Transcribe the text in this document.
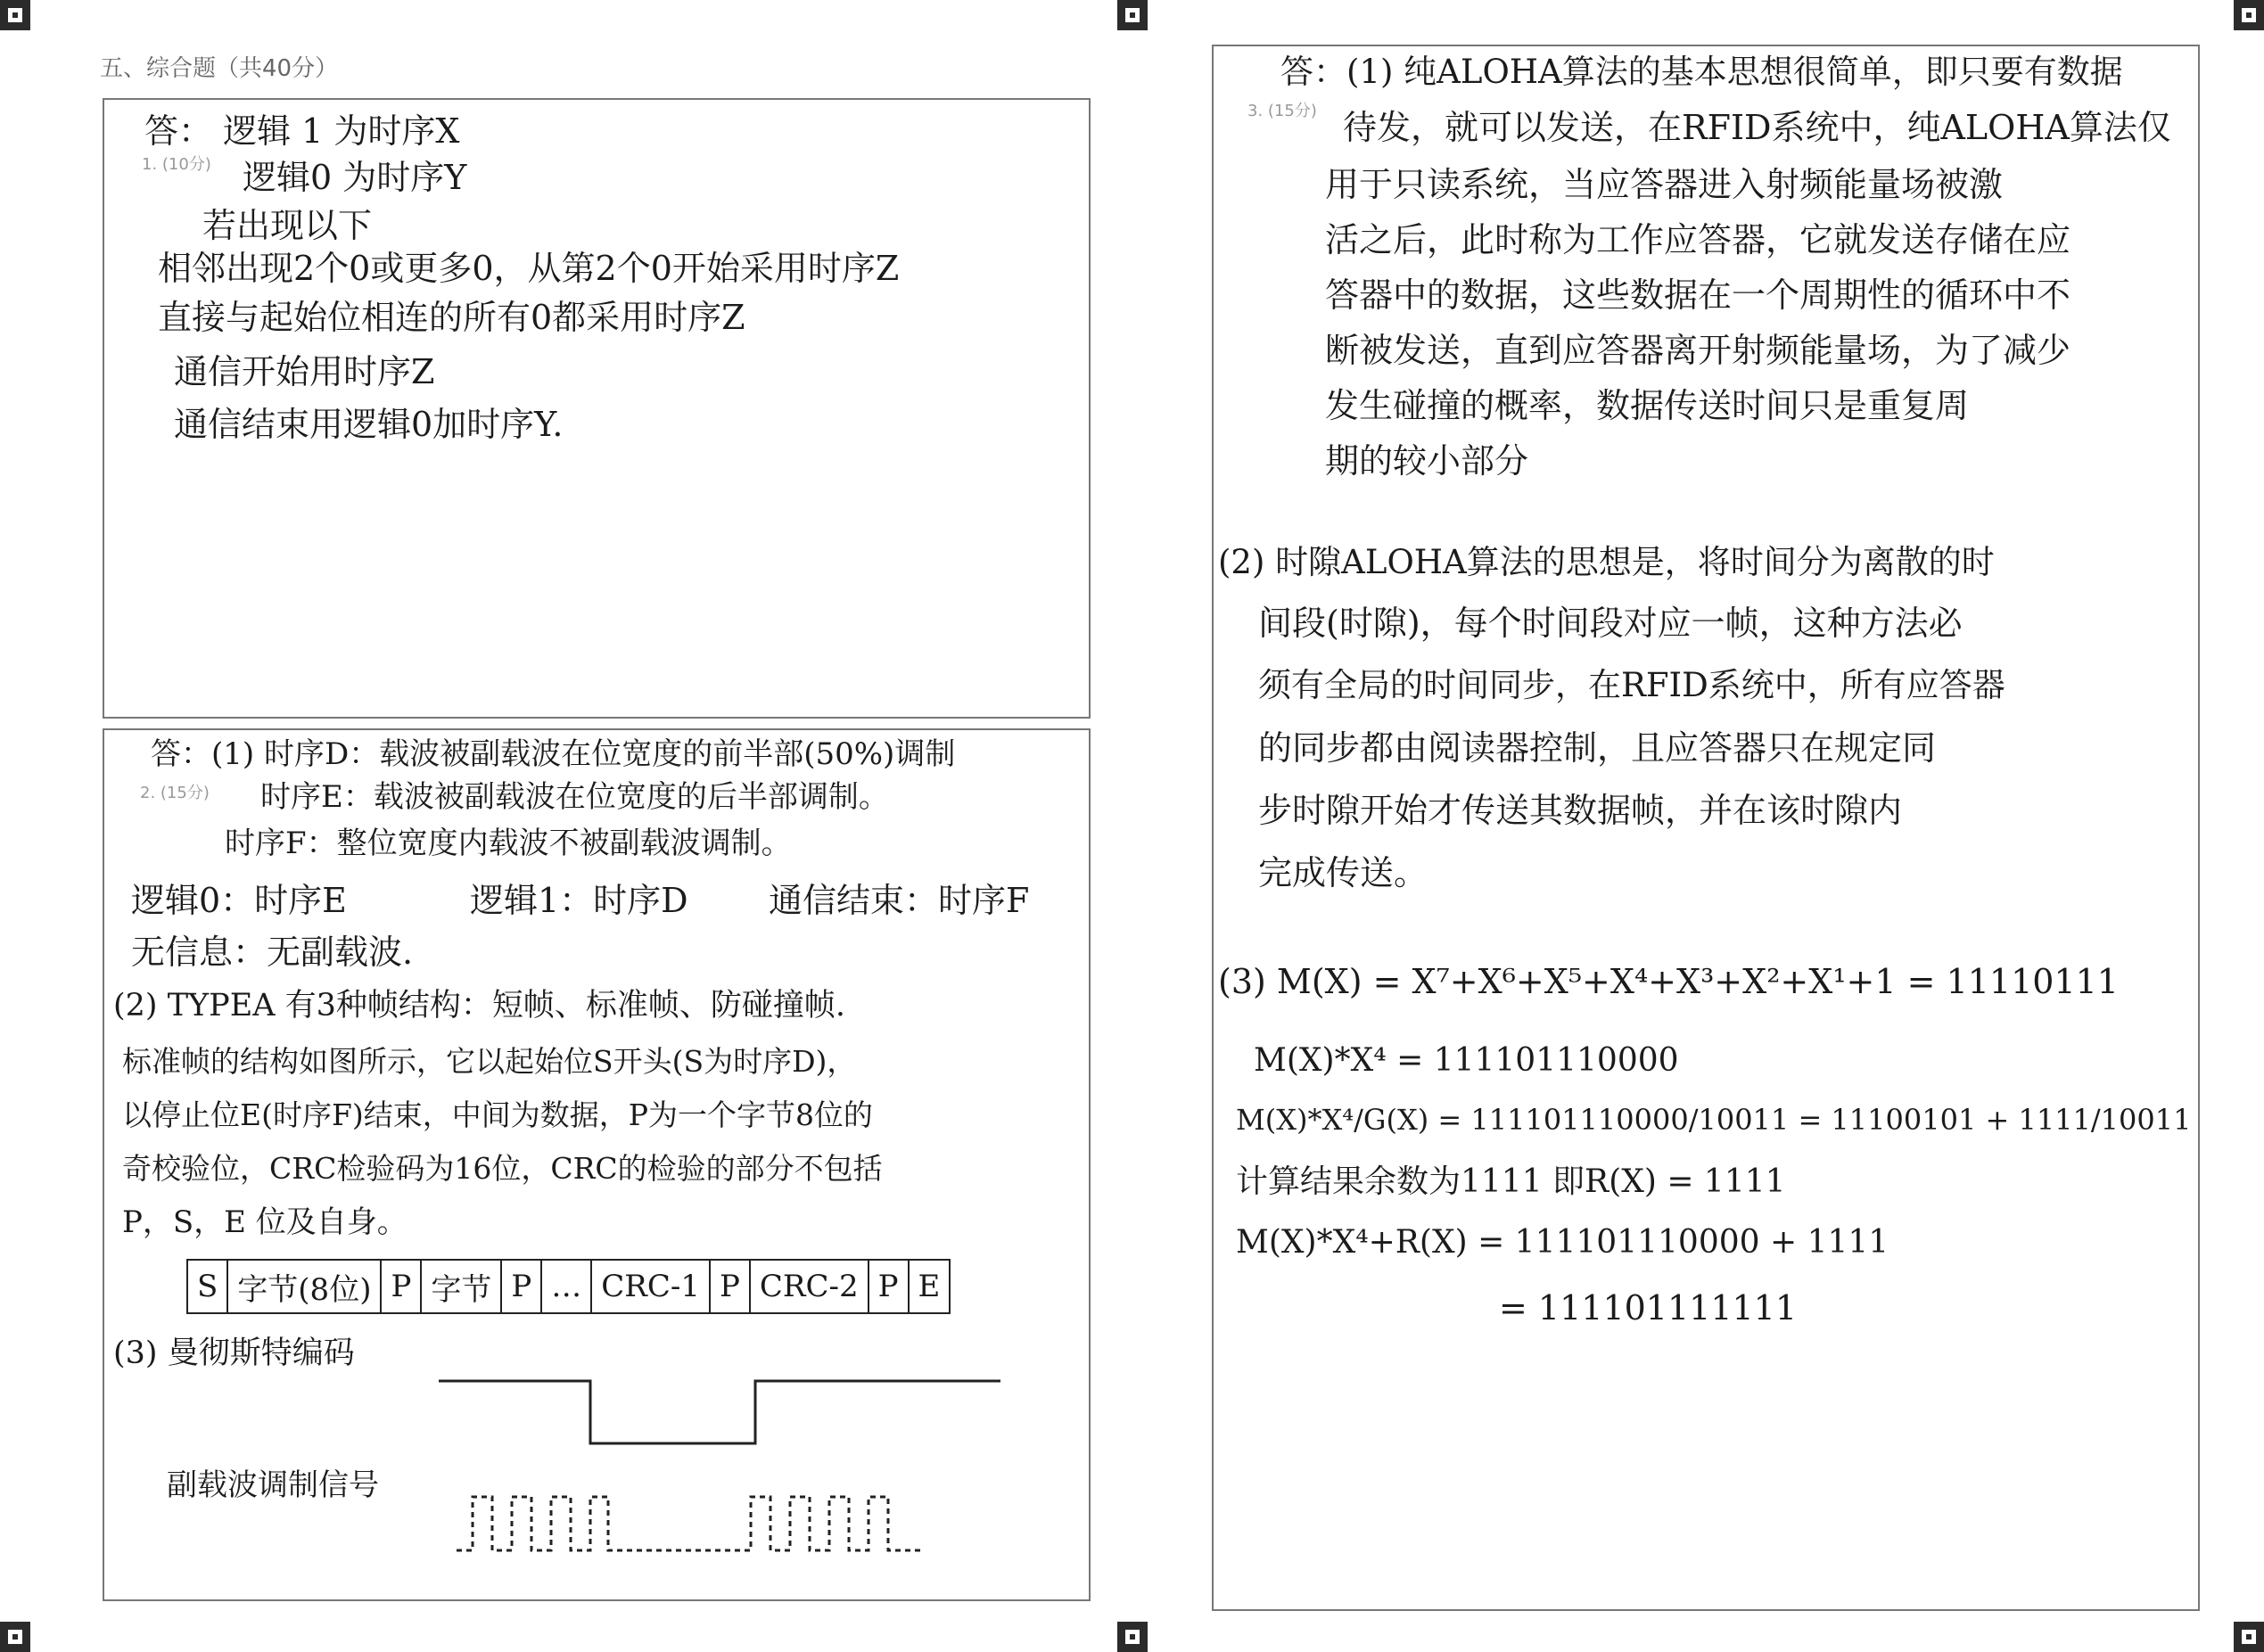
五、综合题（共40分）
1. (10分)
答： 逻辑 1 为时序X
逻辑0 为时序Y
若出现以下
相邻出现2个0或更多0，从第2个0开始采用时序Z
直接与起始位相连的所有0都采用时序Z
通信开始用时序Z
通信结束用逻辑0加时序Y.
2. (15分)
答：(1) 时序D：载波被副载波在位宽度的前半部(50%)调制
时序E：载波被副载波在位宽度的后半部调制。
时序F：整位宽度内载波不被副载波调制。
逻辑0：时序E	逻辑1：时序D 通信结束：时序F
无信息：无副载波.
(2) TYPEA 有3种帧结构：短帧、标准帧、防碰撞帧.
标准帧的结构如图所示，它以起始位S开头(S为时序D)，
以停止位E(时序F)结束，中间为数据，P为一个字节8位的
奇校验位，CRC检验码为16位，CRC的检验的部分不包括
P，S，E 位及自身。
S	字节(8位)	P	字节	P	…	CRC-1	P	CRC-2	P	E
(3) 曼彻斯特编码
副载波调制信号
3. (15分)
答：(1) 纯ALOHA算法的基本思想很简单，即只要有数据
待发，就可以发送，在RFID系统中，纯ALOHA算法仅
用于只读系统，当应答器进入射频能量场被激
活之后，此时称为工作应答器，它就发送存储在应
答器中的数据，这些数据在一个周期性的循环中不
断被发送，直到应答器离开射频能量场，为了减少
发生碰撞的概率，数据传送时间只是重复周
期的较小部分
(2) 时隙ALOHA算法的思想是，将时间分为离散的时
间段(时隙)，每个时间段对应一帧，这种方法必
须有全局的时间同步，在RFID系统中，所有应答器
的同步都由阅读器控制，且应答器只在规定同
步时隙开始才传送其数据帧，并在该时隙内
完成传送。
(3) M(X) = X⁷+X⁶+X⁵+X⁴+X³+X²+X¹+1 = 11110111
M(X)*X⁴ = 111101110000
M(X)*X⁴/G(X) = 111101110000/10011 = 11100101 + 1111/10011
计算结果余数为1111 即R(X) = 1111
M(X)*X⁴+R(X) = 111101110000 + 1111
= 111101111111
